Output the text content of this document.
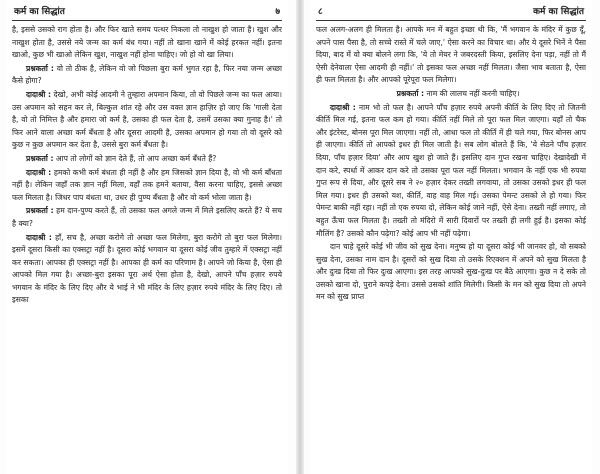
कर्म का सिद्धांत	७
है, इससे उसको राग होता है। और फिर खाते समय पत्थर निकला तो नाखुश हो जाता है। खुश और नाखुश होता है, उससे नये जन्म का कर्म बंध गया। नहीं तो खाना खाने में कोई हरकत नहीं। इतना खाओ, कुछ भी खाओ लेकिन खुश, नाखुश नहीं होना चाहिए। जो हो वो खा लिया।
प्रश्नकर्ता : वो तो ठीक है, लेकिन वो जो पिछला बुरा कर्म भुगत रहा है, फिर नया जन्म अच्छा कैसे होगा?
दादाश्री : देखो, अभी कोई आदमी ने तुम्हारा अपमान किया, तो वो पिछले जन्म का फल आया। उस अपमान को सहन कर ले, बिल्कुल शांत रहे और उस वक्त ज्ञान हाज़िर हो जाए कि 'गाली देता है, वो तो निमित्त है और हमारा जो कर्म है, उसका ही फल देता है, उसमें उसका क्या गुनाह है।' तो फिर आने वाला अच्छा कर्म बँधता है और दूसरा आदमी है, उसका अपमान हो गया तो वो दूसरे को कुछ न कुछ अपमान कर देता है, उससे बुरा कर्म बँधता है।
प्रश्नकर्ता : आप तो लोगों को ज्ञान देते हैं, तो आप अच्छा कर्म बँधते हैं?
दादाश्री : हमको कभी कर्म बंधता ही नहीं है और हम जिसको ज्ञान दिया है, वो भी कर्म बाँधता नहीं है। लेकिन जहाँ तक ज्ञान नहीं मिला, वहाँ तक हमने बताया, वैसा करना चाहिए, इससे अच्छा फल मिलता है। जिधर पाप बंधता था, उधर ही पुण्य बँधता है और वो कर्म भोला जाता है।
प्रश्नकर्ता : हम दान-पुण्य करते हैं, तो उसका फल अगले जन्म में मिले इसलिए करते हैं? ये सच है क्या?
दादाश्री : हाँ, सच है, अच्छा करोगे तो अच्छा फल मिलेगा, बुरा करोगे तो बुरा फल मिलेगा। इसमें दूसरा किसी का एक्सट्रा नहीं है। दूसरा कोई भगवान या दूसरा कोई जीव तुम्हारे में एक्सट्रा नहीं कर सकता। आपका ही एक्सट्रा नहीं है। आपका ही कर्म का परिणाम है। आपने जो किया है, ऐसा ही आपको मिल गया है। अच्छा-बुरा इसका पूरा अर्थ ऐसा होता है, देखो, आपने पाँच हज़ार रुपये भगवान के मंदिर के लिए दिए और ये भाई ने भी मंदिर के लिए हज़ार रुपये मंदिर के लिए दिए। तो इसका
८	कर्म का सिद्धांत
फल अलग-अलग ही मिलता है। आपके मन में बहुत इच्छा थी कि, 'मैं भगवान के मंदिर में कुछ दूँ, अपने पास पैसा है, तो सच्चे रास्ते में चले जाए,' ऐसा करने का विचार था। और ये दूसरे भिनें ने पैसा दिया, बाद में वो क्या बोलने लगा कि, 'ये तो मेयर ने जबरदस्ती किया, इसलिए देना पड़ा, नहीं तो मैं ऐसी देनेवाला ऐसा आदमी ही नहीं।' तो इसका फल अच्छा नहीं मिलता। जैसा भाव बताता है, ऐसा ही फल मिलता है। और आपको पूरेपूरा फल मिलेगा।
प्रश्नकर्ता : नाम की लालच नहीं करनी चाहिए।
दादाश्री : नाम भो तो फल है। आपने पाँच हज़ार रुपये अपनी कीर्ति के लिए दिए तो जितनी कीर्ति मिल गई, इतना फल कम हो गया। कीर्ति नहीं मिले तो पूरा फल मिल जाएगा। यहाँ तो चैक और इंटरेस्ट, बोनस पूरा मिल जाएगा। नहीं तो, आधा फल तो कीर्ति में ही चले गया, फिर बोनस आप ही जाएगा। कीर्ति तो आपको इधर ही मिल जाती है। सब लोग बोलते हैं कि, 'ये सेठने पाँच हज़ार दिया, पाँच हज़ार दिया' और आप खुश हो जाते हैं। इसलिए दान गुप्त रखना चाहिए। देखादेखी में दान करे, स्पर्धा में आकर दान करे तो उसका पूरा फल नहीं मिलता। भगवान के नहीं एक भी रुपया गुप्त रूप से दिया, और दूसरे सब ने २० हज़ार देकर तख्ती लगवाया, तो उसका उसको इधर ही फल मिल गया। इधर ही उसको यश, कीर्ति, वाह वाह मिल गई। उसका पेमन्ट उसको ले हो गया। फिर पेमन्ट बाकी नहीं रहा। नहीं तो एक रुपया दो, लेकिन कोई जाने नहीं, ऐसे देना। तख्ती नहीं लगाए, तो बहुत ऊँचा फल मिलता है। तख्ती तो मंदिरो में सारी दिवारों पर तख्ती ही लगी हुई है। इसका कोई मौलिंग है? उसको कौन पढ़ेगा? कोई आप भी नहीं पढ़ेगा।
दान चाहे दूसरे कोई भी जीव को सुख देना। मनुष्य हो या दूसरा कोई भी जानवर हो, वो सबको सुख देना, उसका नाम दान है। दूसरों को सुख दिया तो उसके रिएक्शन में अपने को सुख मिलता है और दुःख दिया तो फिर दुःख आएगा। इस तरह आपको सुख-दुःख पर बैठे आएगा। कुछ न दे सके तो उसको खाना दो, पुराने कपड़े देना। उससे उसको शांति मिलेगी। किसी के मन को सुख दिया तो अपने मन को सुख प्राप्त
